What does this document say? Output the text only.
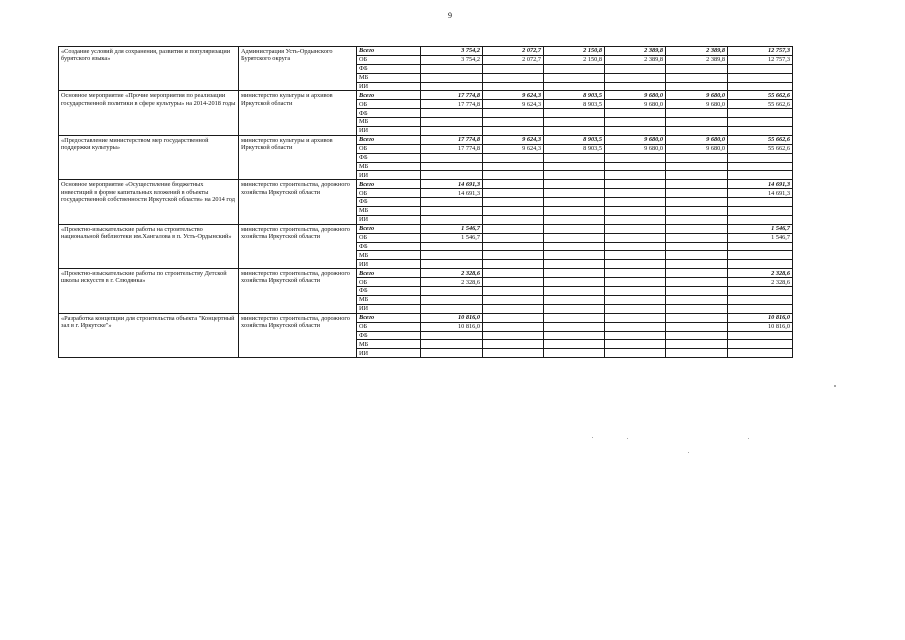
9
«Создание условий для сохранения, развития и популяризации бурятского языка»	Администрация Усть-Ордынского Бурятского округа	Всего	3 754,2	2 072,7	2 150,8	2 389,8	2 389,8	12 757,3
		ОБ	3 754,2	2 072,7	2 150,8	2 389,8	2 389,8	12 757,3
		ФБ						
		МБ						
		ИИ						
Основное мероприятие «Прочие мероприятия по реализации государственной политики в сфере культуры» на 2014-2018 годы	министерство культуры и архивов Иркутской области	Всего	17 774,8	9 624,3	8 903,5	9 680,0	9 680,0	55 662,6
		ОБ	17 774,8	9 624,3	8 903,5	9 680,0	9 680,0	55 662,6
		ФБ						
		МБ						
		ИИ						
«Предоставление министерством мер государственной поддержки культуры»	министерство культуры и архивов Иркутской области	Всего	17 774,8	9 624,3	8 903,5	9 680,0	9 680,0	55 662,6
		ОБ	17 774,8	9 624,3	8 903,5	9 680,0	9 680,0	55 662,6
		ФБ						
		МБ						
		ИИ						
Основное мероприятие «Осуществление бюджетных инвестиций в форме капитальных вложений в объекты государственной собственности Иркутской области» на 2014 год	министерство строительства, дорожного хозяйства Иркутской области	Всего	14 691,3					14 691,3
		ОБ	14 691,3					14 691,3
		ФБ						
		МБ						
		ИИ						
«Проектно-изыскательские работы на строительство национальной библиотеки им.Хангалова в п. Усть-Ордынский»	министерство строительства, дорожного хозяйства Иркутской области	Всего	1 546,7					1 546,7
		ОБ	1 546,7					1 546,7
		ФБ						
		МБ						
		ИИ						
«Проектно-изыскательские работы по строительству Детской школы искусств в г. Слюдянка»	министерство строительства, дорожного хозяйства Иркутской области	Всего	2 328,6					2 328,6
		ОБ	2 328,6					2 328,6
		ФБ						
		МБ						
		ИИ						
«Разработка концепции для строительства объекта "Концертный зал в г. Иркутске"»	министерство строительства, дорожного хозяйства Иркутской области	Всего	10 816,0					10 816,0
		ОБ	10 816,0					10 816,0
		ФБ						
		МБ						
		ИИ						
